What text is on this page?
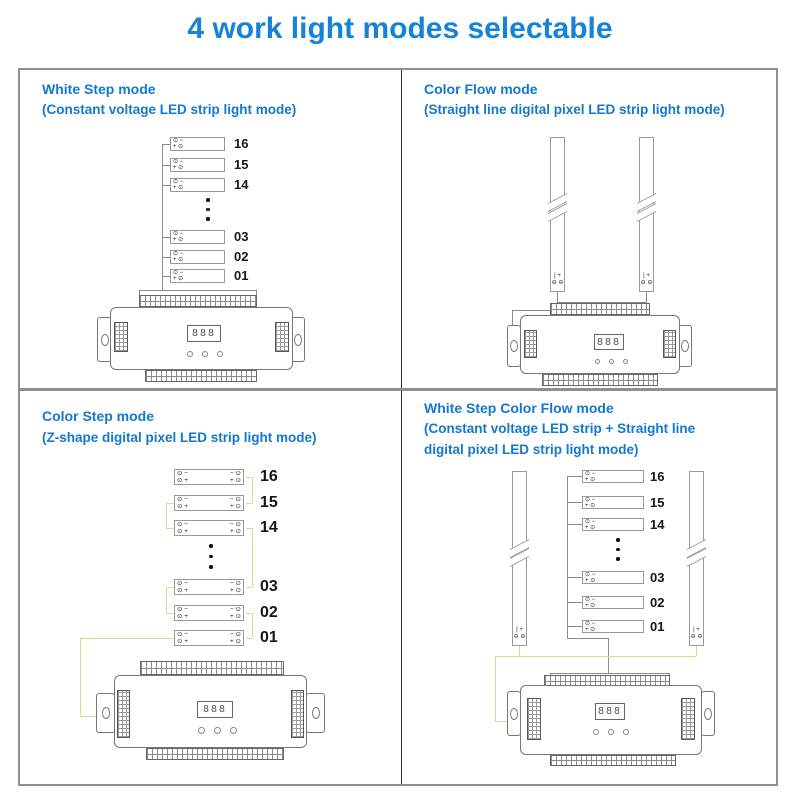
4 work light modes selectable
White Step mode
(Constant voltage LED strip light mode)
⊙ −
+ ⊙	16
⊙ −
+ ⊙	15
⊙ −
+ ⊙	14
⊙ −
+ ⊙	03
⊙ −
+ ⊙	02
⊙ −
+ ⊙	01
888
Color Flow mode
(Straight line digital pixel LED strip light mode)
| +
⊖ ⊖
| +
⊖ ⊖
888
Color Step mode
(Z-shape digital pixel LED strip light mode)
⊙ −
⊙ +
− ⊙
+ ⊙ 16
⊙ −
⊙ +
− ⊙
+ ⊙ 15
⊙ −
⊙ +
− ⊙
+ ⊙ 14
⊙ −
⊙ +
− ⊙
+ ⊙ 03
⊙ −
⊙ +
− ⊙
+ ⊙ 02
⊙ −
⊙ +
− ⊙
+ ⊙ 01
888
White Step Color Flow mode
(Constant voltage LED strip + Straight line
digital pixel LED strip light mode)
| +
⊖ ⊖
| +
⊖ ⊖
⊙ −
+ ⊙	16
⊙ −
+ ⊙	15
⊙ −
+ ⊙	14
⊙ −
+ ⊙	03
⊙ −
+ ⊙	02
⊙ −
+ ⊙	01
888
